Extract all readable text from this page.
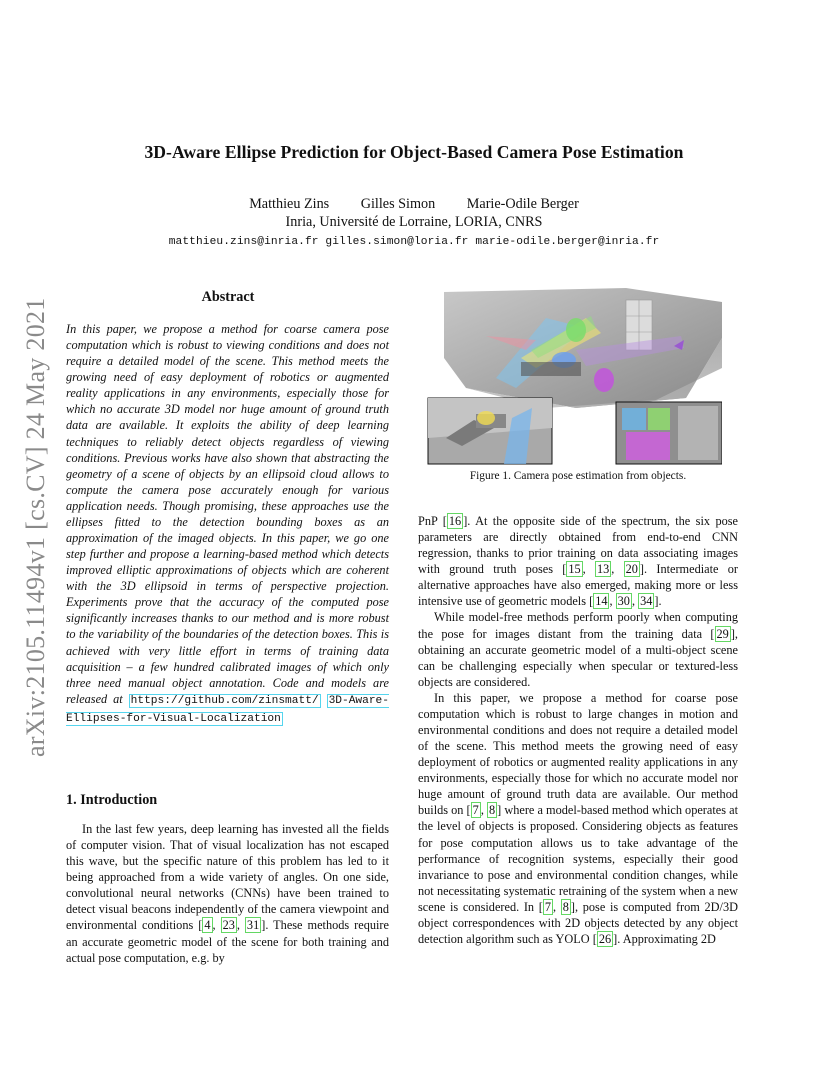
3D-Aware Ellipse Prediction for Object-Based Camera Pose Estimation
Matthieu Zins Gilles Simon Marie-Odile Berger
Inria, Université de Lorraine, LORIA, CNRS
matthieu.zins@inria.fr gilles.simon@loria.fr marie-odile.berger@inria.fr
arXiv:2105.11494v1 [cs.CV] 24 May 2021
Abstract

In this paper, we propose a method for coarse camera pose computation which is robust to viewing conditions and does not require a detailed model of the scene. This method meets the growing need of easy deployment of robotics or augmented reality applications in any environments, especially those for which no accurate 3D model nor huge amount of ground truth data are available. It exploits the ability of deep learning techniques to reliably detect objects regardless of viewing conditions. Previous works have also shown that abstracting the geometry of a scene of objects by an ellipsoid cloud allows to compute the camera pose accurately enough for various application needs. Though promising, these approaches use the ellipses fitted to the detection bounding boxes as an approximation of the imaged objects. In this paper, we go one step further and propose a learning-based method which detects improved elliptic approximations of objects which are coherent with the 3D ellipsoid in terms of perspective projection. Experiments prove that the accuracy of the computed pose significantly increases thanks to our method and is more robust to the variability of the boundaries of the detection boxes. This is achieved with very little effort in terms of training data acquisition – a few hundred calibrated images of which only three need manual object annotation. Code and models are released at https://github.com/zinsmatt/ 3D-Aware-Ellipses-for-Visual-Localization

Figure 1. Camera pose estimation from objects.
1. Introduction

In the last few years, deep learning has invested all the fields of computer vision. That of visual localization has not escaped this wave, but the specific nature of this problem has led to it being approached from a wide variety of angles. On one side, convolutional neural networks (CNNs) have been trained to detect visual beacons independently of the camera viewpoint and environmental conditions [ 4 , 23 , 31 ]. These methods require an accurate geometric model of the scene for both training and actual pose computation, e.g. by

PnP [ 16 ]. At the opposite side of the spectrum, the six pose parameters are directly obtained from end-to-end CNN regression, thanks to prior training on data associating images with ground truth poses [ 15 , 13 , 20 ]. Intermediate or alternative approaches have also emerged, making more or less intensive use of geometric models [ 14 , 30 , 34 ].

While model-free methods perform poorly when computing the pose for images distant from the training data [ 29 ], obtaining an accurate geometric model of a multi-object scene can be challenging especially when specular or textured-less objects are considered.

In this paper, we propose a method for coarse pose computation which is robust to large changes in motion and environmental conditions and does not require a detailed model of the scene. This method meets the growing need of easy deployment of robotics or augmented reality applications in any environments, especially those for which no accurate model nor huge amount of ground truth data are available. Our method builds on [ 7 , 8 ] where a model-based method which operates at the level of objects is proposed. Considering objects as features for pose computation allows us to take advantage of the performance of recognition systems, especially their good invariance to pose and environmental condition changes, while not necessitating systematic retraining of the system when a new scene is considered. In [ 7 , 8 ], pose is computed from 2D/3D object correspondences with 2D objects detected by any object detection algorithm such as YOLO [ 26 ]. Approximating 2D
